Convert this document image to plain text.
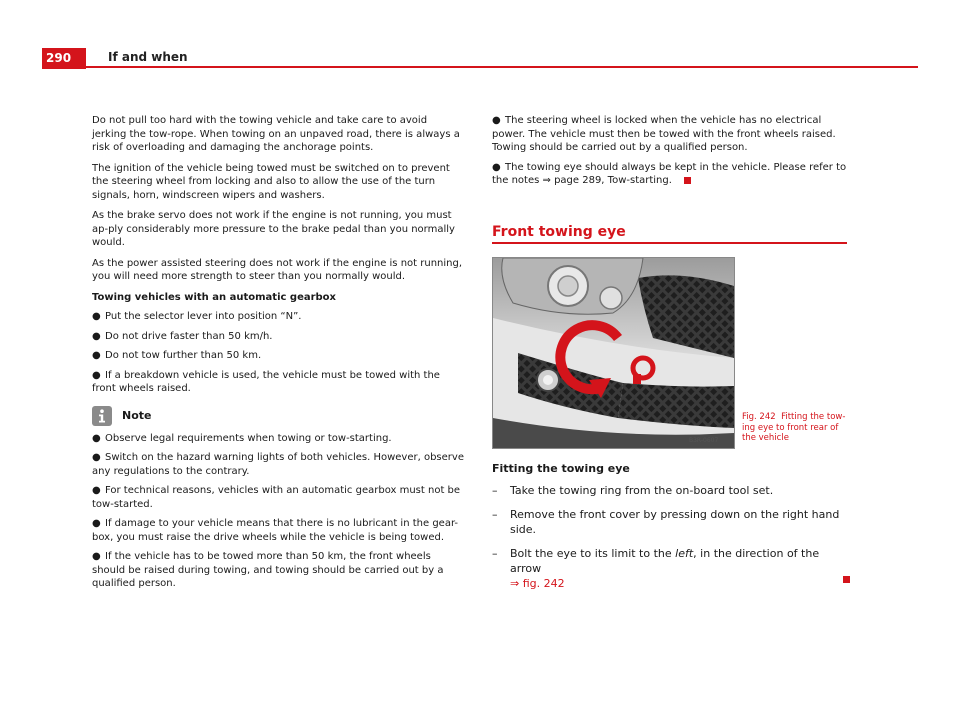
290	If and when

Do not pull too hard with the towing vehicle and take care to avoid jerking the tow-rope. When towing on an unpaved road, there is always a risk of overloading and damaging the anchorage points.

The ignition of the vehicle being towed must be switched on to prevent the steering wheel from locking and also to allow the use of the turn signals, horn, windscreen wipers and washers.

As the brake servo does not work if the engine is not running, you must ap-ply considerably more pressure to the brake pedal than you normally would.

As the power assisted steering does not work if the engine is not running, you will need more strength to steer than you normally would.

Towing vehicles with an automatic gearbox
● Put the selector lever into position “N”.
● Do not drive faster than 50 km/h.
● Do not tow further than 50 km.
● If a breakdown vehicle is used, the vehicle must be towed with the front wheels raised.
Note
● Observe legal requirements when towing or tow-starting.
● Switch on the hazard warning lights of both vehicles. However, observe any regulations to the contrary.
● For technical reasons, vehicles with an automatic gearbox must not be tow-started.
● If damage to your vehicle means that there is no lubricant in the gear-box, you must raise the drive wheels while the vehicle is being towed.
● If the vehicle has to be towed more than 50 km, the front wheels should be raised during towing, and towing should be carried out by a qualified person.
● The steering wheel is locked when the vehicle has no electrical power. The vehicle must then be towed with the front wheels raised. Towing should be carried out by a qualified person.
● The towing eye should always be kept in the vehicle. Please refer to the notes ⇒ page 289, Tow-starting.
Front towing eye
B3R-0607
Fig. 242 Fitting the tow-ing eye to front rear of the vehicle
Fitting the towing eye
–	Take the towing ring from the on-board tool set.
–	Remove the front cover by pressing down on the right hand side.
–	Bolt the eye to its limit to the left, in the direction of the arrow
⇒ fig. 242
